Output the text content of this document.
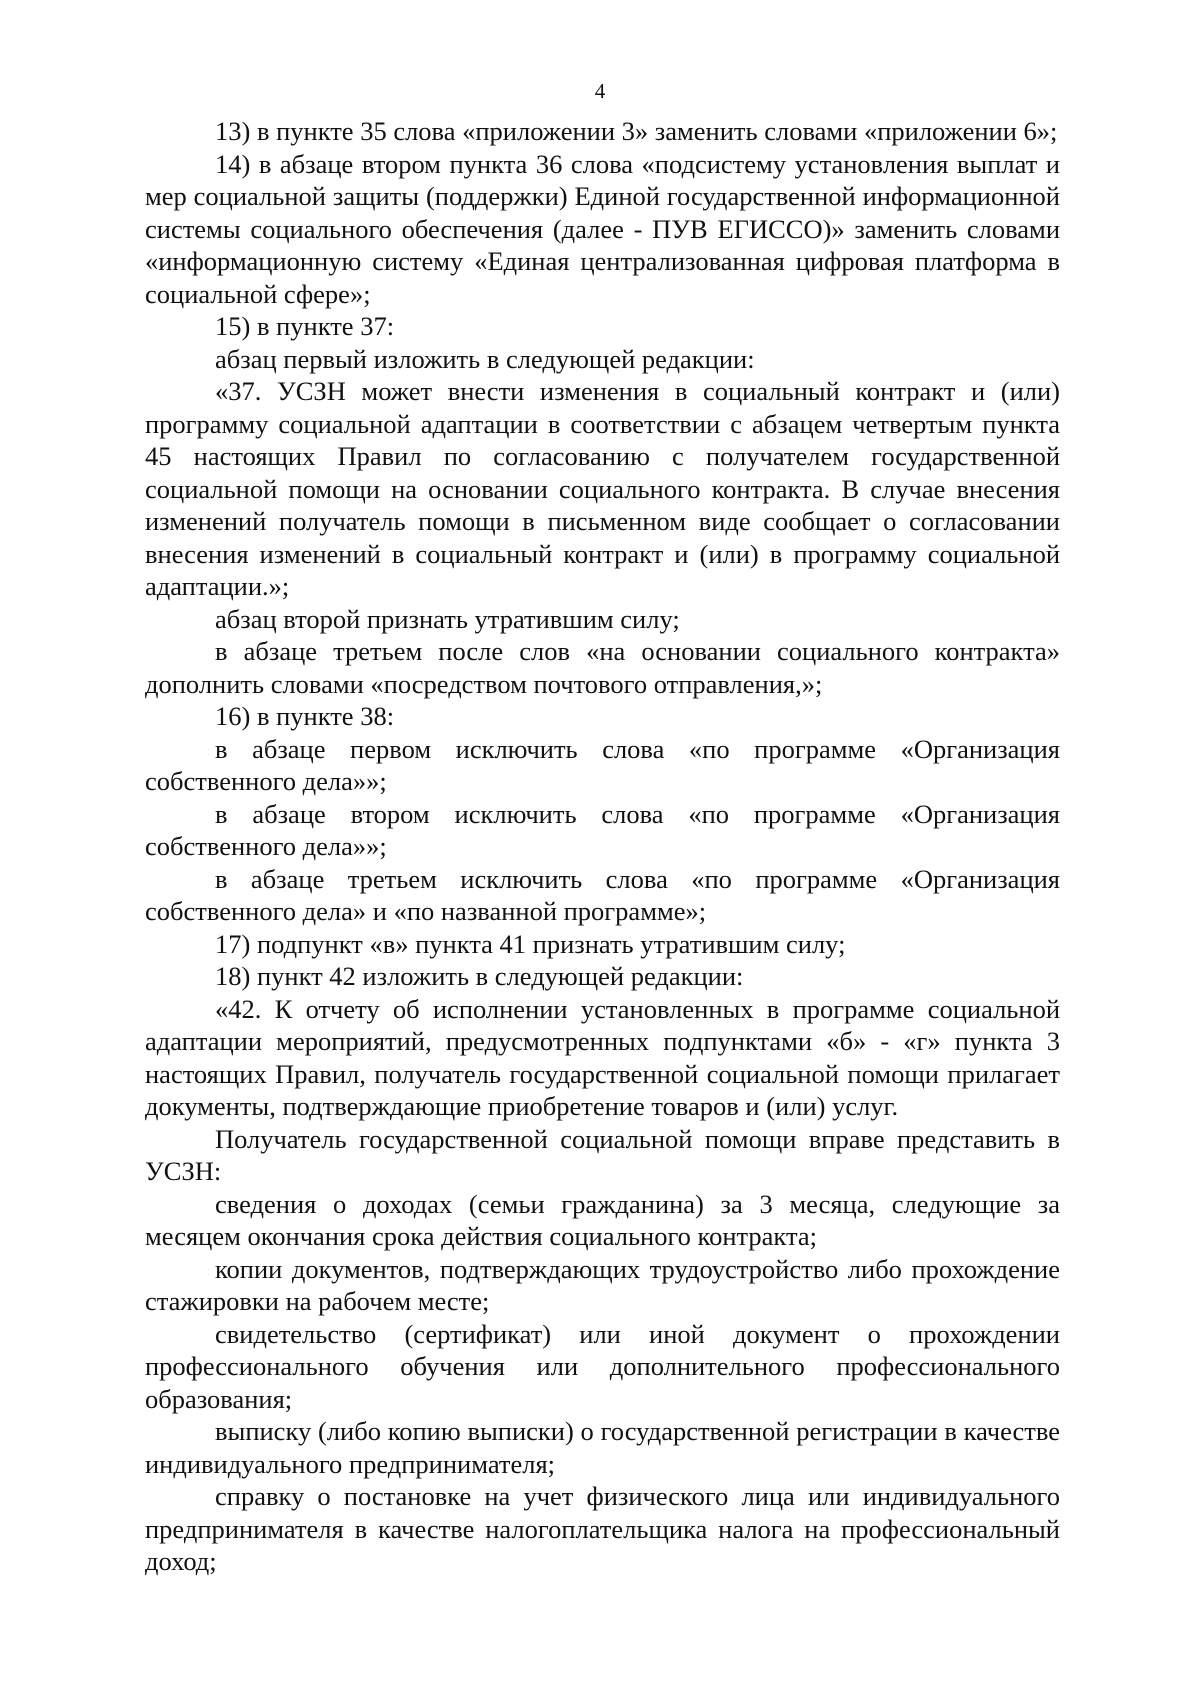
4

13) в пункте 35 слова «приложении 3» заменить словами «приложении 6»;

14) в абзаце втором пункта 36 слова «подсистему установления выплат и мер социальной защиты (поддержки) Единой государственной информационной системы социального обеспечения (далее - ПУВ ЕГИССО)» заменить словами «информационную систему «Единая централизованная цифровая платформа в социальной сфере»;

15) в пункте 37:

абзац первый изложить в следующей редакции:

«37. УСЗН может внести изменения в социальный контракт и (или) программу социальной адаптации в соответствии с абзацем четвертым пункта 45 настоящих Правил по согласованию с получателем государственной социальной помощи на основании социального контракта. В случае внесения изменений получатель помощи в письменном виде сообщает о согласовании внесения изменений в социальный контракт и (или) в программу социальной адаптации.»;

абзац второй признать утратившим силу;

в абзаце третьем после слов «на основании социального контракта» дополнить словами «посредством почтового отправления,»;

16) в пункте 38:

в абзаце первом исключить слова «по программе «Организация собственного дела»»;

в абзаце втором исключить слова «по программе «Организация собственного дела»»;

в абзаце третьем исключить слова «по программе «Организация собственного дела» и «по названной программе»;

17) подпункт «в» пункта 41 признать утратившим силу;

18) пункт 42 изложить в следующей редакции:

«42. К отчету об исполнении установленных в программе социальной адаптации мероприятий, предусмотренных подпунктами «б» - «г» пункта 3 настоящих Правил, получатель государственной социальной помощи прилагает документы, подтверждающие приобретение товаров и (или) услуг.

Получатель государственной социальной помощи вправе представить в УСЗН:

сведения о доходах (семьи гражданина) за 3 месяца, следующие за месяцем окончания срока действия социального контракта;

копии документов, подтверждающих трудоустройство либо прохождение стажировки на рабочем месте;

свидетельство (сертификат) или иной документ о прохождении профессионального обучения или дополнительного профессионального образования;

выписку (либо копию выписки) о государственной регистрации в качестве индивидуального предпринимателя;

справку о постановке на учет физического лица или индивидуального предпринимателя в качестве налогоплательщика налога на профессиональный доход;
